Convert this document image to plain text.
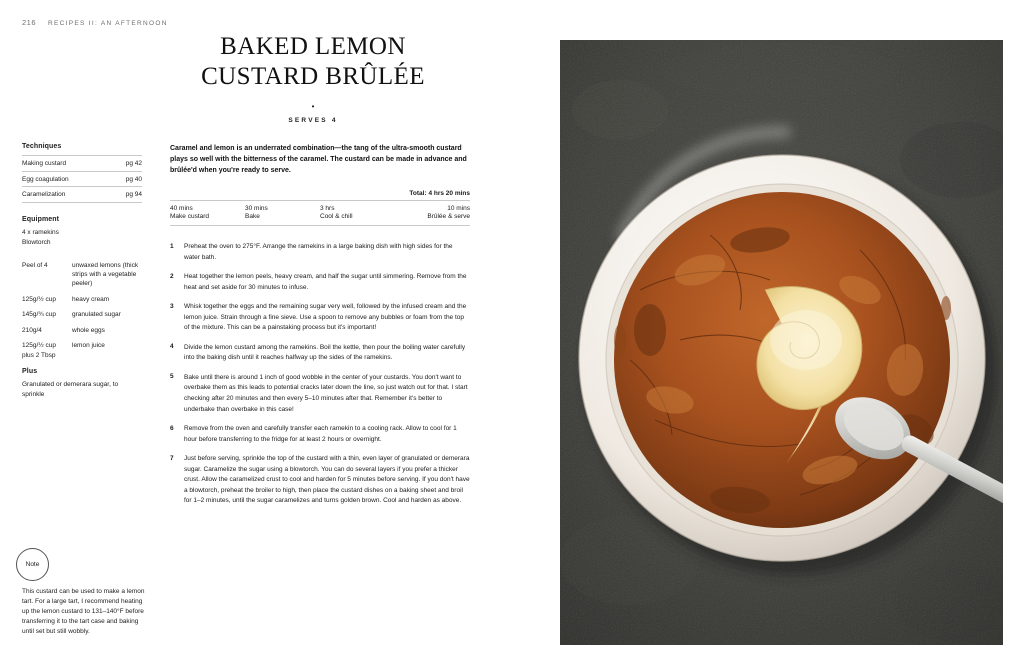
216 RECIPES II: AN AFTERNOON
BAKED LEMON
CUSTARD BRÛLÉE
•
SERVES 4
Techniques
Making custard	pg 42
Egg coagulation	pg 40
Caramelization	pg 94
Equipment
4 x ramekins
Blowtorch
Peel of 4	unwaxed lemons (thick strips with a vegetable peeler)
125g/½ cup	heavy cream
145g/¾ cup	granulated sugar
210g/4	whole eggs
125g/½ cup plus 2 Tbsp	lemon juice
Plus
Granulated or demerara sugar, to sprinkle
Note
This custard can be used to make a lemon tart. For a large tart, I recommend heating up the lemon custard to 131–140°F before transferring it to the tart case and baking until set but still wobbly.
Caramel and lemon is an underrated combination—the tang of the ultra-smooth custard plays so well with the bitterness of the caramel. The custard can be made in advance and brûlée'd when you're ready to serve.
Total: 4 hrs 20 mins
40 mins	30 mins	3 hrs	10 mins
Make custard	Bake	Cool & chill	Brûlée & serve
1	Preheat the oven to 275°F. Arrange the ramekins in a large baking dish with high sides for the water bath.
2	Heat together the lemon peels, heavy cream, and half the sugar until simmering. Remove from the heat and set aside for 30 minutes to infuse.
3	Whisk together the eggs and the remaining sugar very well, followed by the infused cream and the lemon juice. Strain through a fine sieve. Use a spoon to remove any bubbles or foam from the top of the mixture. This can be a painstaking process but it's important!
4	Divide the lemon custard among the ramekins. Boil the kettle, then pour the boiling water carefully into the baking dish until it reaches halfway up the sides of the ramekins.
5	Bake until there is around 1 inch of good wobble in the center of your custards. You don't want to overbake them as this leads to potential cracks later down the line, so just watch out for that. I start checking after 20 minutes and then every 5–10 minutes after that. Remember it's better to underbake than overbake in this case!
6	Remove from the oven and carefully transfer each ramekin to a cooling rack. Allow to cool for 1 hour before transferring to the fridge for at least 2 hours or overnight.
7	Just before serving, sprinkle the top of the custard with a thin, even layer of granulated or demerara sugar. Caramelize the sugar using a blowtorch. You can do several layers if you prefer a thicker crust. Allow the caramelized crust to cool and harden for 5 minutes before serving. If you don't have a blowtorch, preheat the broiler to high, then place the custard dishes on a baking sheet and broil for 1–2 minutes, until the sugar caramelizes and turns golden brown. Cool and harden as above.
